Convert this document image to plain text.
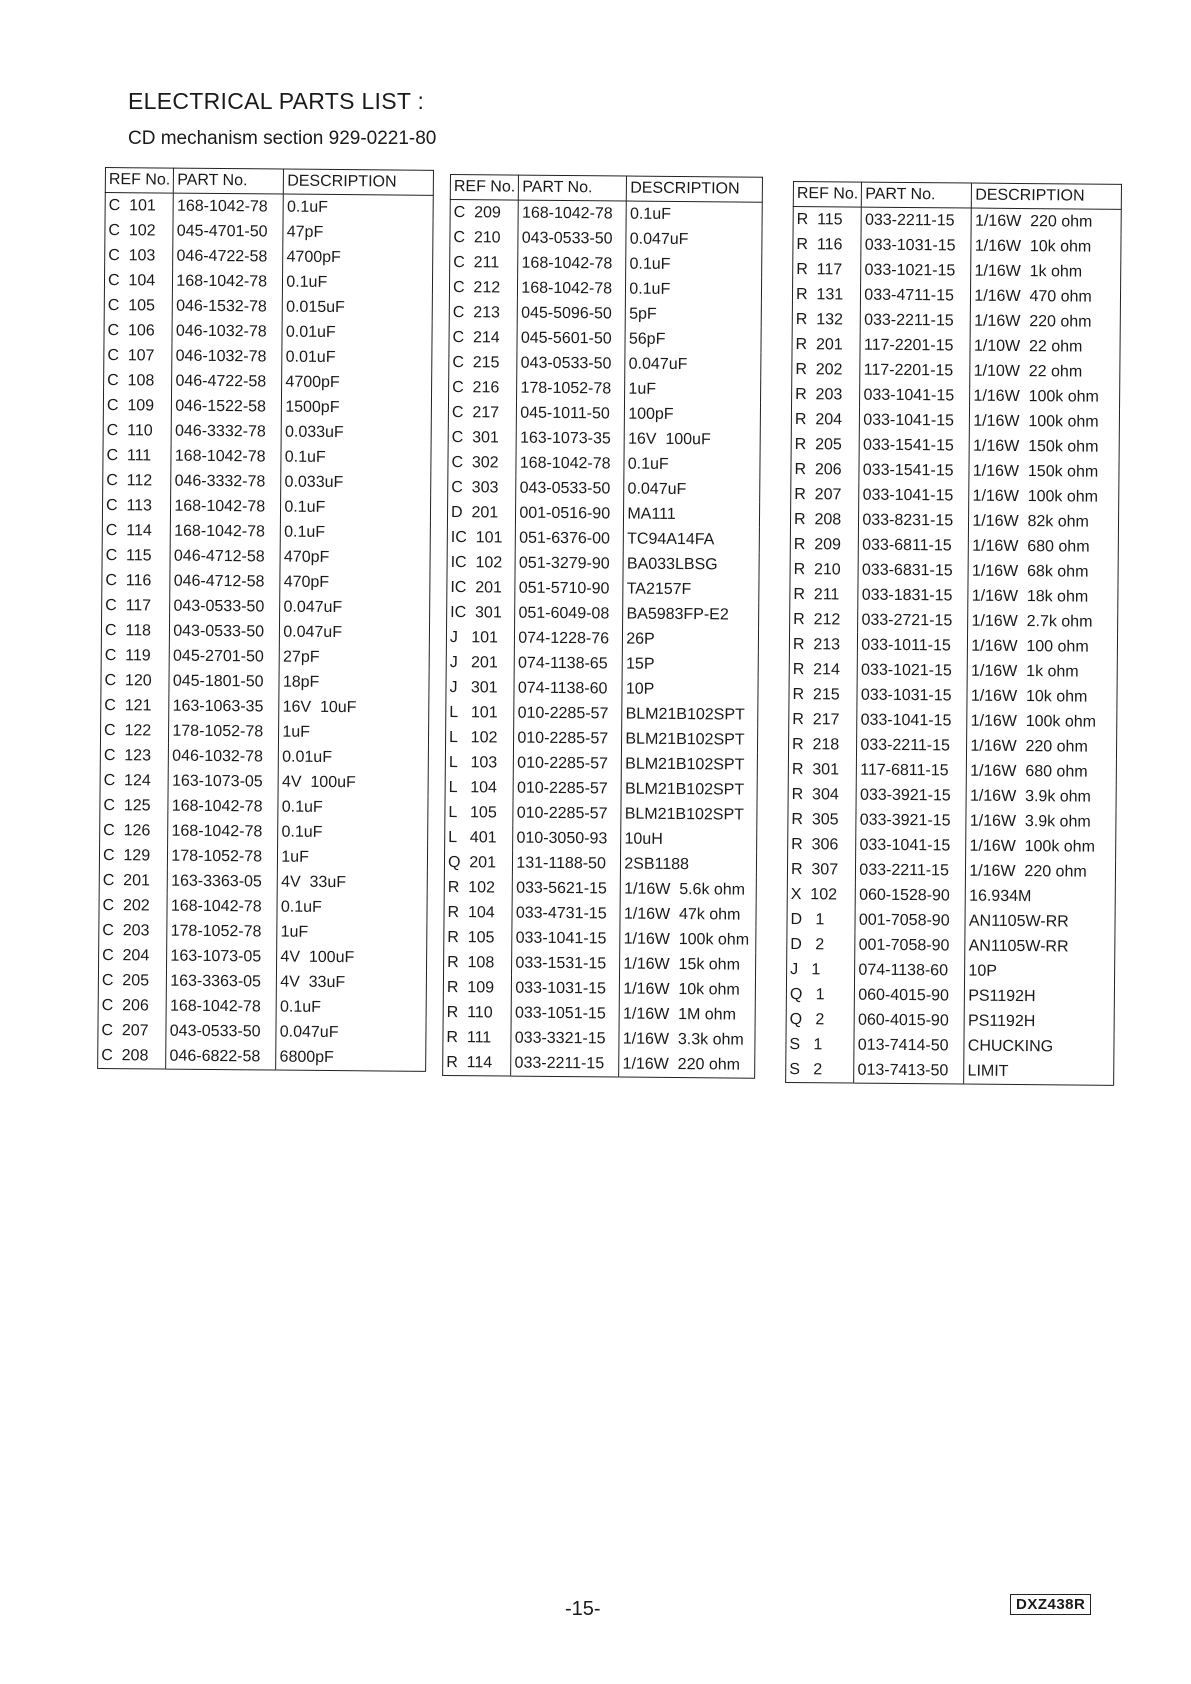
ELECTRICAL PARTS LIST :
CD mechanism section 929-0221-80
REF No.	PART No.	DESCRIPTION
C  101	168-1042-78	0.1uF
C  102	045-4701-50	47pF
C  103	046-4722-58	4700pF
C  104	168-1042-78	0.1uF
C  105	046-1532-78	0.015uF
C  106	046-1032-78	0.01uF
C  107	046-1032-78	0.01uF
C  108	046-4722-58	4700pF
C  109	046-1522-58	1500pF
C  110	046-3332-78	0.033uF
C  111	168-1042-78	0.1uF
C  112	046-3332-78	0.033uF
C  113	168-1042-78	0.1uF
C  114	168-1042-78	0.1uF
C  115	046-4712-58	470pF
C  116	046-4712-58	470pF
C  117	043-0533-50	0.047uF
C  118	043-0533-50	0.047uF
C  119	045-2701-50	27pF
C  120	045-1801-50	18pF
C  121	163-1063-35	16V  10uF
C  122	178-1052-78	1uF
C  123	046-1032-78	0.01uF
C  124	163-1073-05	4V  100uF
C  125	168-1042-78	0.1uF
C  126	168-1042-78	0.1uF
C  129	178-1052-78	1uF
C  201	163-3363-05	4V  33uF
C  202	168-1042-78	0.1uF
C  203	178-1052-78	1uF
C  204	163-1073-05	4V  100uF
C  205	163-3363-05	4V  33uF
C  206	168-1042-78	0.1uF
C  207	043-0533-50	0.047uF
C  208	046-6822-58	6800pF
REF No.	PART No.	DESCRIPTION
C  209	168-1042-78	0.1uF
C  210	043-0533-50	0.047uF
C  211	168-1042-78	0.1uF
C  212	168-1042-78	0.1uF
C  213	045-5096-50	5pF
C  214	045-5601-50	56pF
C  215	043-0533-50	0.047uF
C  216	178-1052-78	1uF
C  217	045-1011-50	100pF
C  301	163-1073-35	16V  100uF
C  302	168-1042-78	0.1uF
C  303	043-0533-50	0.047uF
D  201	001-0516-90	MA111
IC  101	051-6376-00	TC94A14FA
IC  102	051-3279-90	BA033LBSG
IC  201	051-5710-90	TA2157F
IC  301	051-6049-08	BA5983FP-E2
J   101	074-1228-76	26P
J   201	074-1138-65	15P
J   301	074-1138-60	10P
L   101	010-2285-57	BLM21B102SPT
L   102	010-2285-57	BLM21B102SPT
L   103	010-2285-57	BLM21B102SPT
L   104	010-2285-57	BLM21B102SPT
L   105	010-2285-57	BLM21B102SPT
L   401	010-3050-93	10uH
Q  201	131-1188-50	2SB1188
R  102	033-5621-15	1/16W  5.6k ohm
R  104	033-4731-15	1/16W  47k ohm
R  105	033-1041-15	1/16W  100k ohm
R  108	033-1531-15	1/16W  15k ohm
R  109	033-1031-15	1/16W  10k ohm
R  110	033-1051-15	1/16W  1M ohm
R  111	033-3321-15	1/16W  3.3k ohm
R  114	033-2211-15	1/16W  220 ohm
REF No.	PART No.	DESCRIPTION
R  115	033-2211-15	1/16W  220 ohm
R  116	033-1031-15	1/16W  10k ohm
R  117	033-1021-15	1/16W  1k ohm
R  131	033-4711-15	1/16W  470 ohm
R  132	033-2211-15	1/16W  220 ohm
R  201	117-2201-15	1/10W  22 ohm
R  202	117-2201-15	1/10W  22 ohm
R  203	033-1041-15	1/16W  100k ohm
R  204	033-1041-15	1/16W  100k ohm
R  205	033-1541-15	1/16W  150k ohm
R  206	033-1541-15	1/16W  150k ohm
R  207	033-1041-15	1/16W  100k ohm
R  208	033-8231-15	1/16W  82k ohm
R  209	033-6811-15	1/16W  680 ohm
R  210	033-6831-15	1/16W  68k ohm
R  211	033-1831-15	1/16W  18k ohm
R  212	033-2721-15	1/16W  2.7k ohm
R  213	033-1011-15	1/16W  100 ohm
R  214	033-1021-15	1/16W  1k ohm
R  215	033-1031-15	1/16W  10k ohm
R  217	033-1041-15	1/16W  100k ohm
R  218	033-2211-15	1/16W  220 ohm
R  301	117-6811-15	1/16W  680 ohm
R  304	033-3921-15	1/16W  3.9k ohm
R  305	033-3921-15	1/16W  3.9k ohm
R  306	033-1041-15	1/16W  100k ohm
R  307	033-2211-15	1/16W  220 ohm
X  102	060-1528-90	16.934M
D   1	001-7058-90	AN1105W-RR
D   2	001-7058-90	AN1105W-RR
J   1	074-1138-60	10P
Q   1	060-4015-90	PS1192H
Q   2	060-4015-90	PS1192H
S   1	013-7414-50	CHUCKING
S   2	013-7413-50	LIMIT
-15-	DXZ438R
